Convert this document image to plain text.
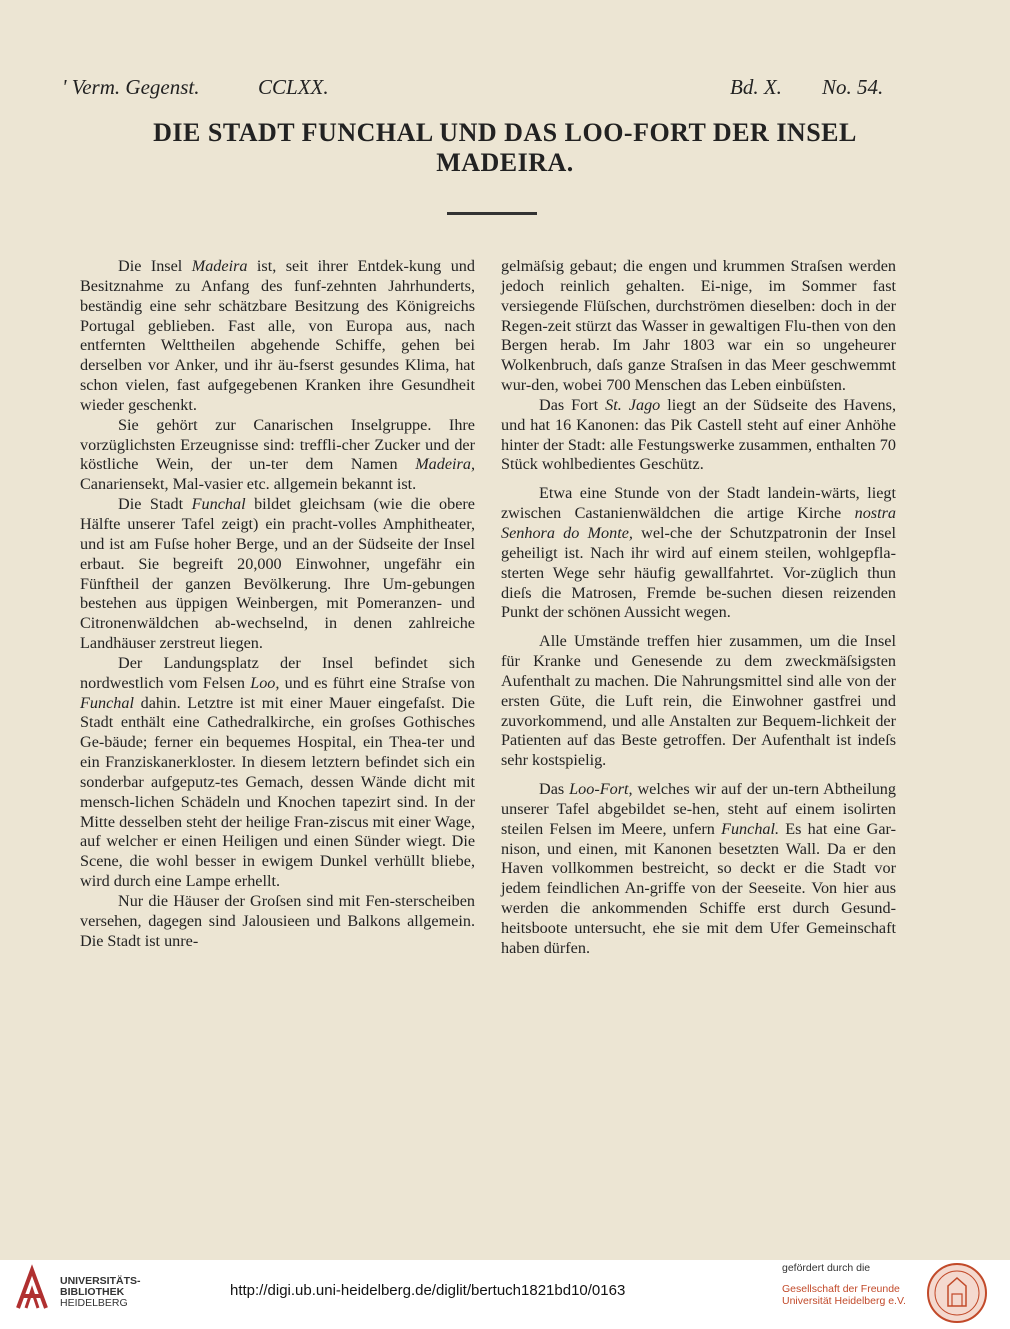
' Verm. Gegenst.	CCLXX.	Bd. X. No. 54.
DIE STADT FUNCHAL UND DAS LOO-FORT DER INSEL
MADEIRA.

Die Insel Madeira ist, seit ihrer Entdek-kung und Besitznahme zu Anfang des funf-zehnten Jahrhunderts, beständig eine sehr schätzbare Besitzung des Königreichs Portugal geblieben. Fast alle, von Europa aus, nach entfernten Welttheilen abgehende Schiffe, gehen bei derselben vor Anker, und ihr äu-fserst gesundes Klima, hat schon vielen, fast aufgegebenen Kranken ihre Gesundheit wieder geschenkt.

Sie gehört zur Canarischen Inselgruppe. Ihre vorzüglichsten Erzeugnisse sind: treffli-cher Zucker und der köstliche Wein, der un-ter dem Namen Madeira, Canariensekt, Mal-vasier etc. allgemein bekannt ist.

Die Stadt Funchal bildet gleichsam (wie die obere Hälfte unserer Tafel zeigt) ein pracht-volles Amphitheater, und ist am Fuſse hoher Berge, und an der Südseite der Insel erbaut. Sie begreift 20,000 Einwohner, ungefähr ein Fünftheil der ganzen Bevölkerung. Ihre Um-gebungen bestehen aus üppigen Weinbergen, mit Pomeranzen- und Citronenwäldchen ab-wechselnd, in denen zahlreiche Landhäuser zerstreut liegen.

Der Landungsplatz der Insel befindet sich nordwestlich vom Felsen Loo, und es führt eine Straſse von Funchal dahin. Letztre ist mit einer Mauer eingefaſst. Die Stadt enthält eine Cathedralkirche, ein groſses Gothisches Ge-bäude; ferner ein bequemes Hospital, ein Thea-ter und ein Franziskanerkloster. In diesem letztern befindet sich ein sonderbar aufgeputz-tes Gemach, dessen Wände dicht mit mensch-lichen Schädeln und Knochen tapezirt sind. In der Mitte desselben steht der heilige Fran-ziscus mit einer Wage, auf welcher er einen Heiligen und einen Sünder wiegt. Die Scene, die wohl besser in ewigem Dunkel verhüllt bliebe, wird durch eine Lampe erhellt.

Nur die Häuser der Groſsen sind mit Fen-sterscheiben versehen, dagegen sind Jalousieen und Balkons allgemein. Die Stadt ist unre-

gelmäſsig gebaut; die engen und krummen Straſsen werden jedoch reinlich gehalten. Ei-nige, im Sommer fast versiegende Flüſschen, durchströmen dieselben: doch in der Regen-zeit stürzt das Wasser in gewaltigen Flu-then von den Bergen herab. Im Jahr 1803 war ein so ungeheurer Wolkenbruch, daſs ganze Straſsen in das Meer geschwemmt wur-den, wobei 700 Menschen das Leben einbüſsten.

Das Fort St. Jago liegt an der Südseite des Havens, und hat 16 Kanonen: das Pik Castell steht auf einer Anhöhe hinter der Stadt: alle Festungswerke zusammen, enthalten 70 Stück wohlbedientes Geschütz.

Etwa eine Stunde von der Stadt landein-wärts, liegt zwischen Castanienwäldchen die artige Kirche nostra Senhora do Monte, wel-che der Schutzpatronin der Insel geheiligt ist. Nach ihr wird auf einem steilen, wohlgepfla-sterten Wege sehr häufig gewallfahrtet. Vor-züglich thun dieſs die Matrosen, Fremde be-suchen diesen reizenden Punkt der schönen Aussicht wegen.

Alle Umstände treffen hier zusammen, um die Insel für Kranke und Genesende zu dem zweckmäſsigsten Aufenthalt zu machen. Die Nahrungsmittel sind alle von der ersten Güte, die Luft rein, die Einwohner gastfrei und zuvorkommend, und alle Anstalten zur Bequem-lichkeit der Patienten auf das Beste getroffen. Der Aufenthalt ist indeſs sehr kostspielig.

Das Loo-Fort, welches wir auf der un-tern Abtheilung unserer Tafel abgebildet se-hen, steht auf einem isolirten steilen Felsen im Meere, unfern Funchal. Es hat eine Gar-nison, und einen, mit Kanonen besetzten Wall. Da er den Haven vollkommen bestreicht, so deckt er die Stadt vor jedem feindlichen An-griffe von der Seeseite. Von hier aus werden die ankommenden Schiffe erst durch Gesund-heitsboote untersucht, ehe sie mit dem Ufer Gemeinschaft haben dürfen.

UNIVERSITÄTS-
BIBLIOTHEK
HEIDELBERG
http://digi.ub.uni-heidelberg.de/diglit/bertuch1821bd10/0163
gefördert durch die
Gesellschaft der Freunde
Universität Heidelberg e.V.
